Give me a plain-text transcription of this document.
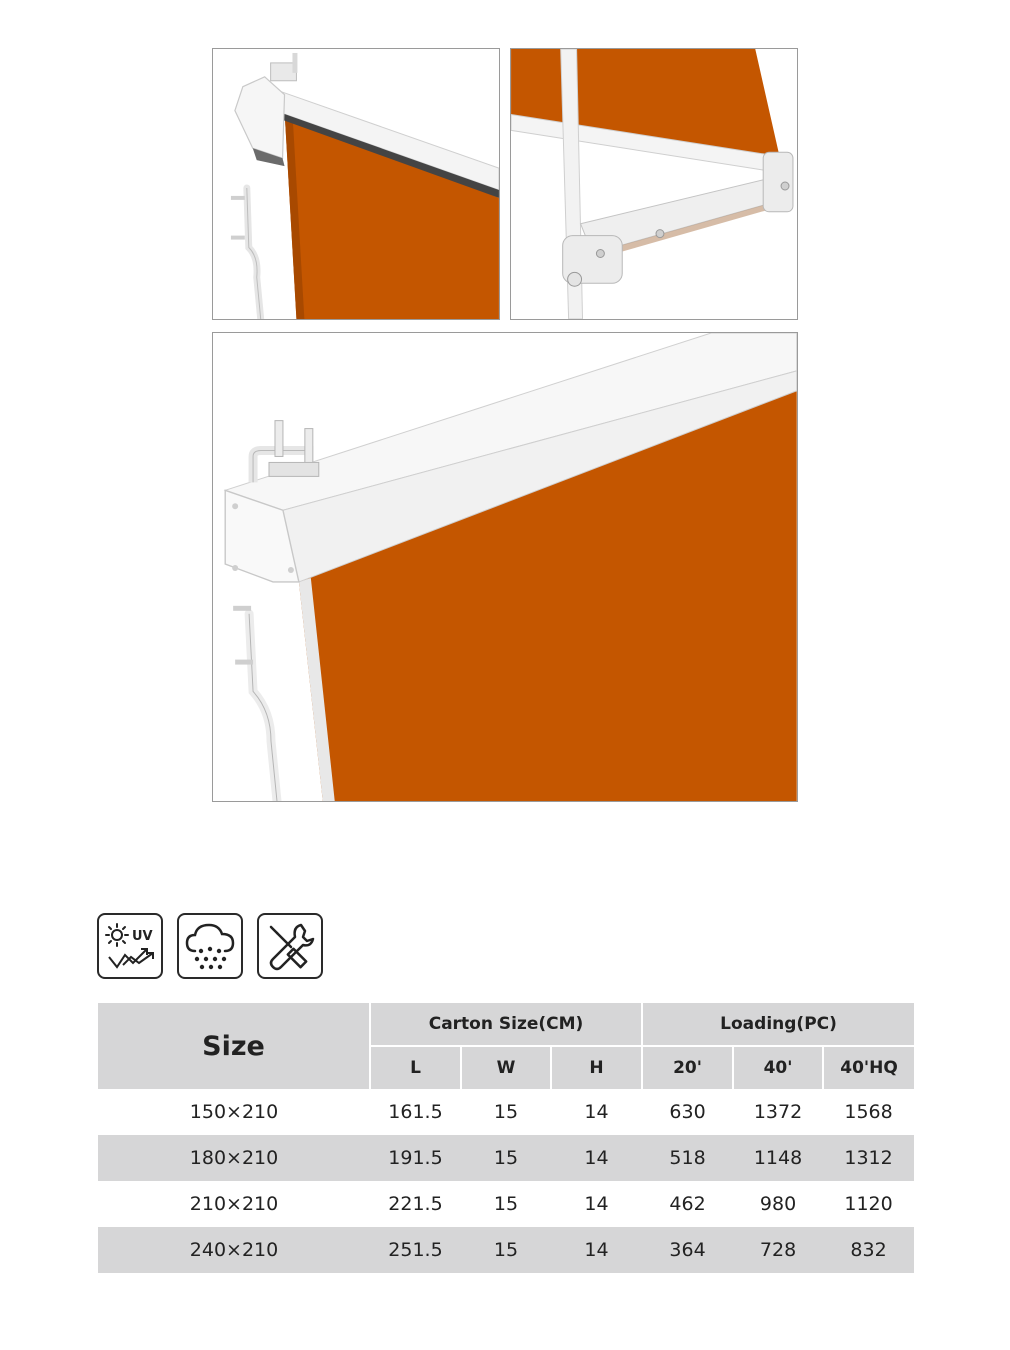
UV
Size	Carton Size(CM)			Loading(PC)		
	L	W	H	20'	40'	40'HQ
150×210	161.5	15	14	630	1372	1568
180×210	191.5	15	14	518	1148	1312
210×210	221.5	15	14	462	980	1120
240×210	251.5	15	14	364	728	832
